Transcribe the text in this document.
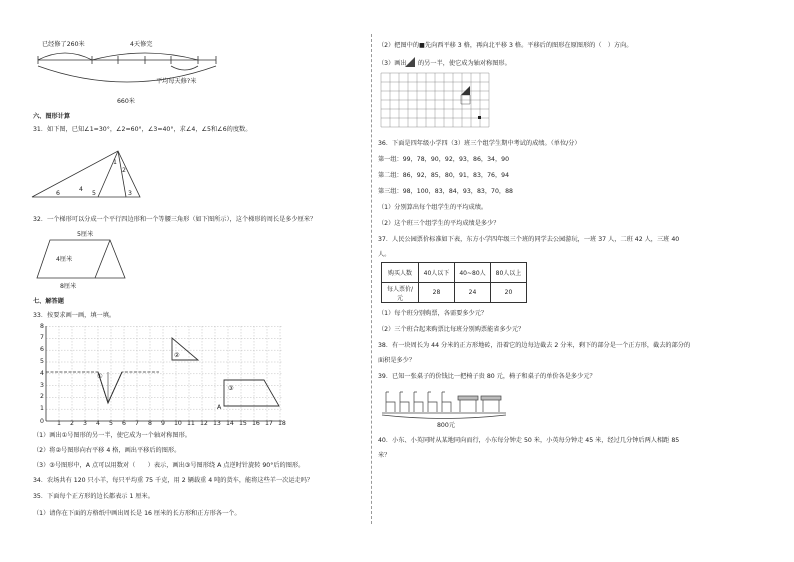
已经修了260米	4天修完
平均每天修?米
660米
六、图形计算
31．如下图，已知∠1=30°，∠2=60°，∠3=40°，求∠4，∠5和∠6的度数。
1
2
3
4
5
6
32．一个梯形可以分成一个平行四边形和一个等腰三角形（如下图所示），这个梯形的周长是多少厘米？
5厘米
4厘米
8厘米
七、解答题
33．按要求画一画，填一填。
1
2
3
4
5
6
7
8
1 2 3 4 5 6 7 8 9 10 11 12 13 14 15 16 17 18
①
②
③
A
0
（1）画出①号图形的另一半，使它成为一个轴对称图形。
（2）将②号图形向右平移 4 格，画出平移后的图形。
（3）③号图形中，A 点可以用数对（　　）表示，画出③号图形绕 A 点逆时针旋转 90°后的图形。
34．农场共有 120 只小羊，每只平均重 75 千克，用 2 辆载重 4 吨的货车，能将这些羊一次运走吗？
35．下面每个正方形的边长都表示 1 厘米。
（1）请你在下面的方格纸中画出周长是 16 厘米的长方形和正方形各一个。
（2）把图中的■先向西平移 3 格，再向北平移 3 格。平移后的图形在原图形的（　）方向。
（3）画出 的另一半，使它成为轴对称图形。
36．下面是四年级小学四（3）班三个组学生期中考试的成绩。（单位/分）
第一组：99，78，90，92，93，86，34，90
第二组：86，92，85，80，91，83，76，94
第三组：98，100，83，84，93，83，70，88
（1）分别算出每个组学生的平均成绩。
（2）这个班三个组学生的平均成绩是多少？
37．人民公园票价标准如下表，东方小学四年级三个班的同学去公园游玩，一班 37 人，二班 42 人，三班 40
人。
购买人数	40人以下	40~80人	80人以上
每人票价/元	28	24	20
（1）每个班分别购票，各需要多少元？
（2）三个班合起来购票比每班分别购票能省多少元？
38．有一块周长为 44 分米的正方形地砖，沿着它的边每边截去 2 分米，剩下的部分是一个正方形，截去的部分的
面积是多少？
39．已知一张桌子的价钱比一把椅子贵 80 元，椅子和桌子的单价各是多少元？
800元
40．小东、小英同时从某地同向而行，小东每分钟走 50 米，小英每分钟走 45 米，经过几分钟后两人相距 85
米？
